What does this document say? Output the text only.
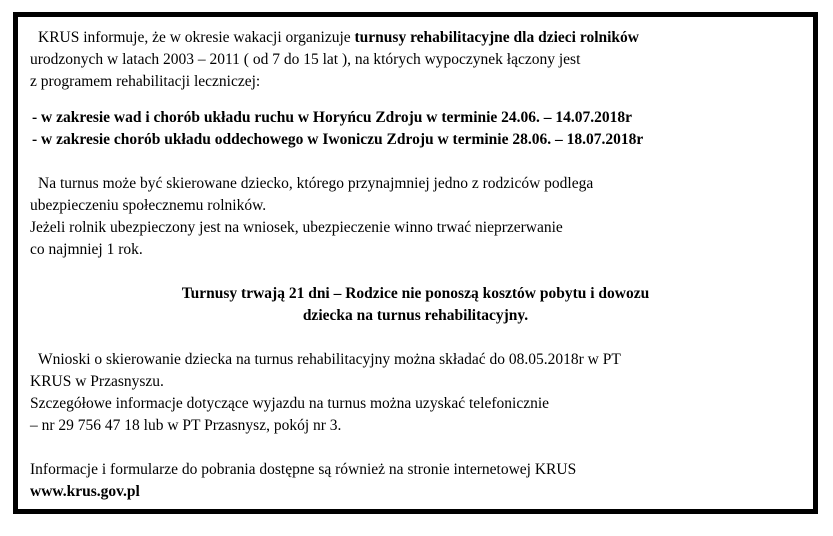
KRUS informuje, że w okresie wakacji organizuje turnusy rehabilitacyjne dla dzieci rolników

urodzonych w latach 2003 – 2011 ( od 7 do 15 lat ), na których wypoczynek łączony jest

z programem rehabilitacji leczniczej:

- w zakresie wad i chorób układu ruchu w Horyńcu Zdroju w terminie 24.06. – 14.07.2018r

- w zakresie chorób układu oddechowego w Iwoniczu Zdroju w terminie 28.06. – 18.07.2018r

Na turnus może być skierowane dziecko, którego przynajmniej jedno z rodziców podlega

ubezpieczeniu społecznemu rolników.

Jeżeli rolnik ubezpieczony jest na wniosek, ubezpieczenie winno trwać nieprzerwanie

co najmniej 1 rok.

Turnusy trwają 21 dni – Rodzice nie ponoszą kosztów pobytu i dowozu

dziecka na turnus rehabilitacyjny.

Wnioski o skierowanie dziecka na turnus rehabilitacyjny można składać do 08.05.2018r w PT

KRUS w Przasnyszu.

Szczegółowe informacje dotyczące wyjazdu na turnus można uzyskać telefonicznie

– nr 29 756 47 18 lub w PT Przasnysz, pokój nr 3.

Informacje i formularze do pobrania dostępne są również na stronie internetowej KRUS

www.krus.gov.pl
